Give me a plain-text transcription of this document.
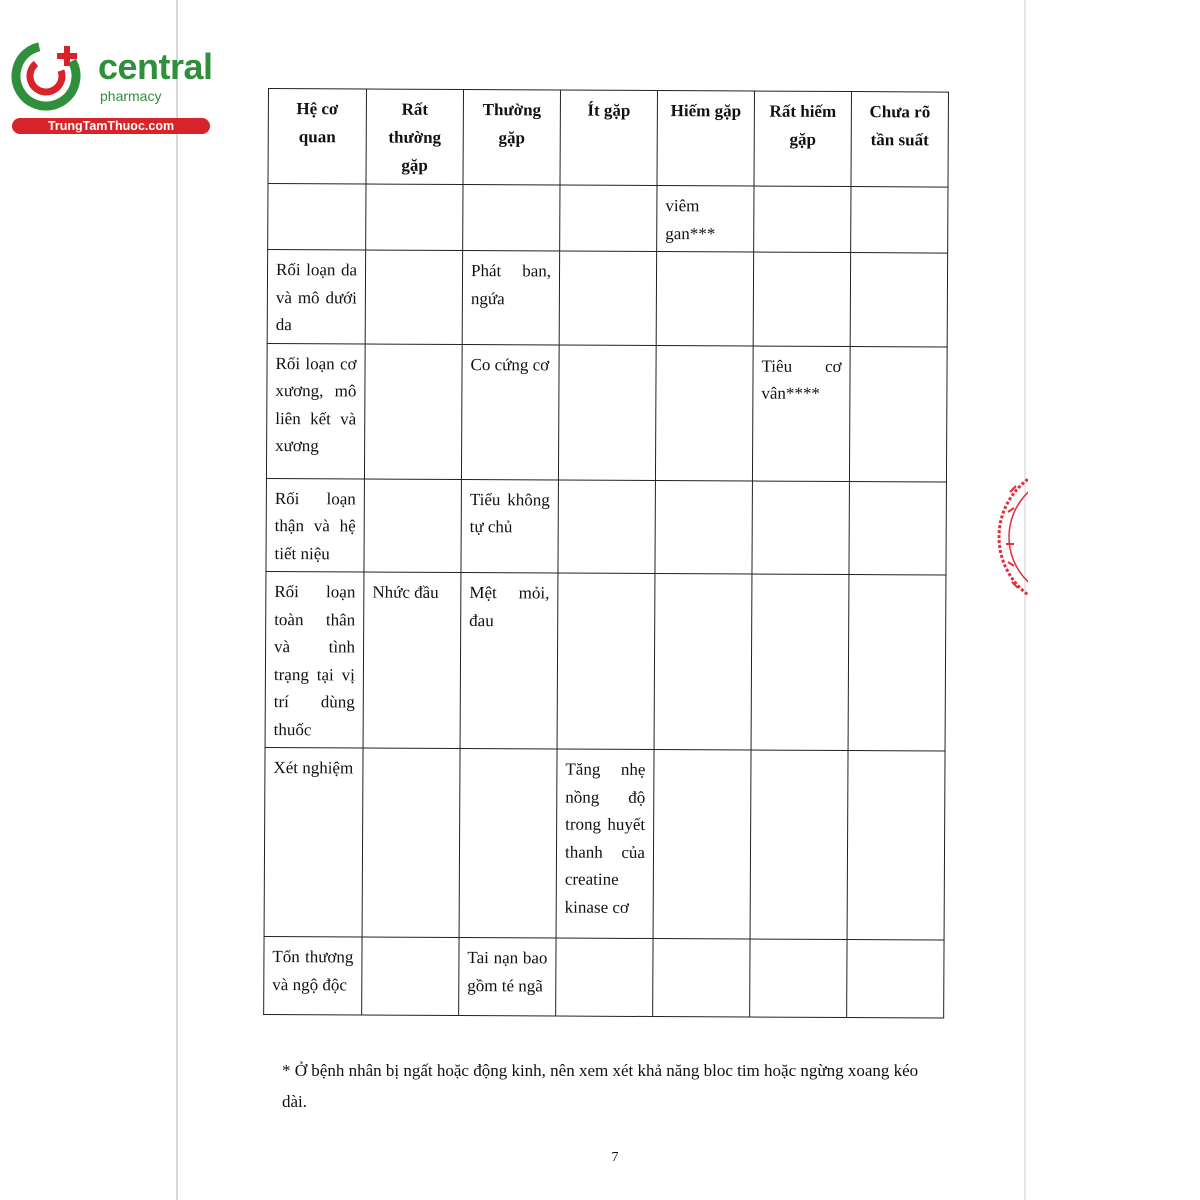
central
pharmacy
TrungTamThuoc.com
Hệ cơ quan	Rất thường gặp	Thường gặp	Ít gặp	Hiếm gặp	Rất hiếm gặp	Chưa rõ tần suất
				viêm gan***		
Rối loạn da và mô dưới da		Phát ban, ngứa				
Rối loạn cơ xương, mô liên kết và xương		Co cứng cơ			Tiêu cơ vân****	
Rối loạn thận và hệ tiết niệu		Tiểu không tự chủ				
Rối loạn toàn thân và tình trạng tại vị trí dùng thuốc	Nhức đầu	Mệt mỏi, đau				
Xét nghiệm			Tăng nhẹ nồng độ trong huyết thanh của creatine kinase cơ			
Tổn thương và ngộ độc		Tai nạn bao gồm té ngã				
* Ở bệnh nhân bị ngất hoặc động kinh, nên xem xét khả năng bloc tim hoặc ngừng xoang kéo dài.
7
